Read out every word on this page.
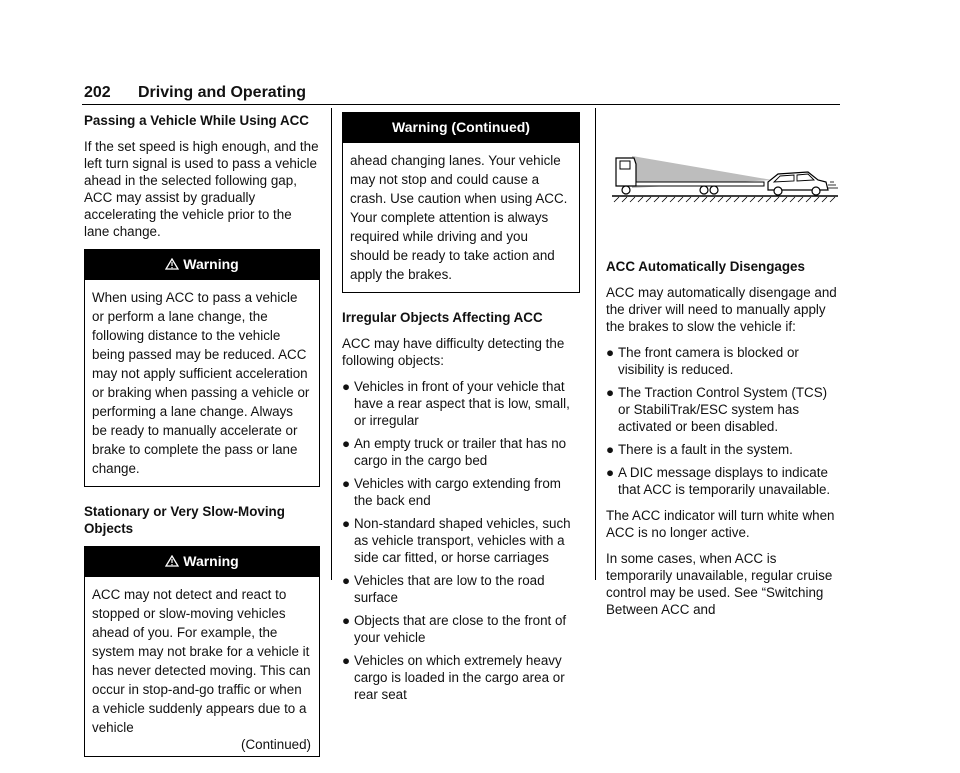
202 Driving and Operating
Passing a Vehicle While Using ACC

If the set speed is high enough, and the left turn signal is used to pass a vehicle ahead in the selected following gap, ACC may assist by gradually accelerating the vehicle prior to the lane change.

Warning
When using ACC to pass a vehicle or perform a lane change, the following distance to the vehicle being passed may be reduced. ACC may not apply sufficient acceleration or braking when passing a vehicle or performing a lane change. Always be ready to manually accelerate or brake to complete the pass or lane change.
Stationary or Very Slow-Moving Objects
Warning
ACC may not detect and react to stopped or slow-moving vehicles ahead of you. For example, the system may not brake for a vehicle it has never detected moving. This can occur in stop-and-go traffic or when a vehicle suddenly appears due to a vehicle
(Continued)
Warning (Continued)
ahead changing lanes. Your vehicle may not stop and could cause a crash. Use caution when using ACC. Your complete attention is always required while driving and you should be ready to take action and apply the brakes.
Irregular Objects Affecting ACC

ACC may have difficulty detecting the following objects:

● Vehicles in front of your vehicle that have a rear aspect that is low, small, or irregular
● An empty truck or trailer that has no cargo in the cargo bed
● Vehicles with cargo extending from the back end
● Non-standard shaped vehicles, such as vehicle transport, vehicles with a side car fitted, or horse carriages
● Vehicles that are low to the road surface
● Objects that are close to the front of your vehicle
● Vehicles on which extremely heavy cargo is loaded in the cargo area or rear seat
ACC Automatically Disengages

ACC may automatically disengage and the driver will need to manually apply the brakes to slow the vehicle if:

● The front camera is blocked or visibility is reduced.
● The Traction Control System (TCS) or StabiliTrak/ESC system has activated or been disabled.
● There is a fault in the system.
● A DIC message displays to indicate that ACC is temporarily unavailable.

The ACC indicator will turn white when ACC is no longer active.

In some cases, when ACC is temporarily unavailable, regular cruise control may be used. See “Switching Between ACC and
